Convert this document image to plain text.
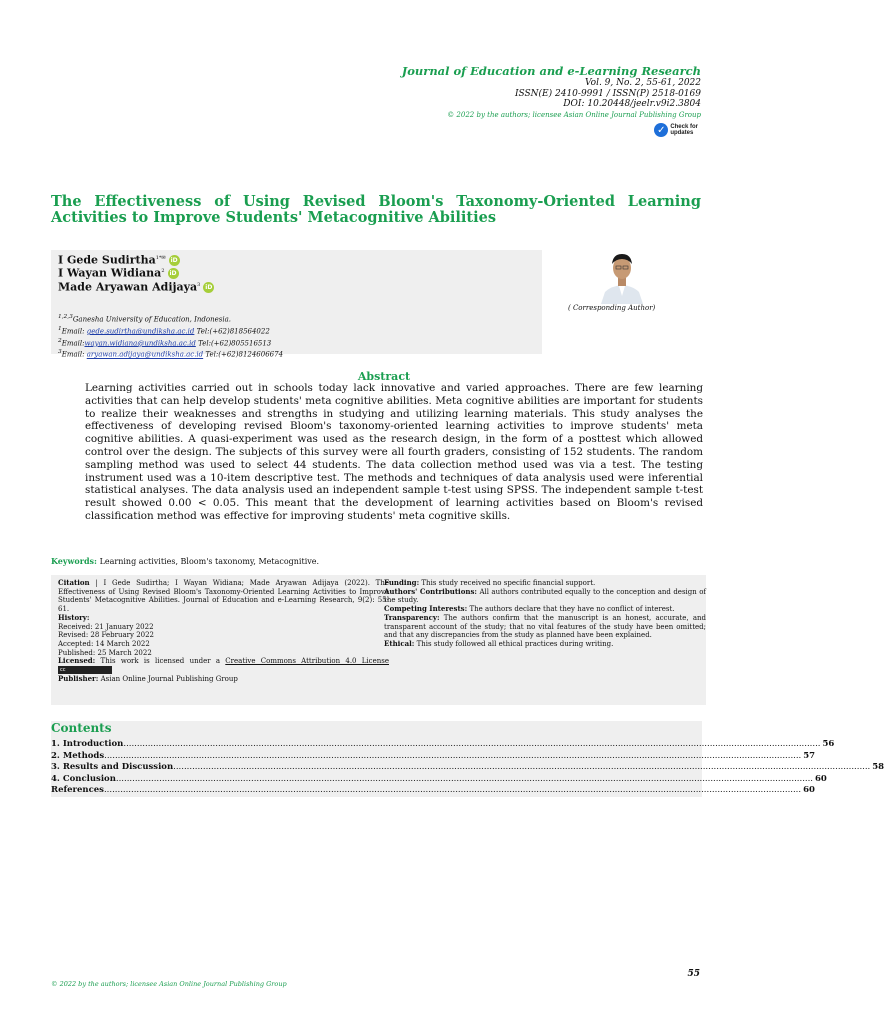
Journal of Education and e-Learning Research
Vol. 9, No. 2, 55-61, 2022
ISSN(E) 2410-9991 / ISSN(P) 2518-0169
DOI: 10.20448/jeelr.v9i2.3804
© 2022 by the authors; licensee Asian Online Journal Publishing Group
✓ Check for
updates
The Effectiveness of Using Revised Bloom's Taxonomy-Oriented Learning Activities to Improve Students' Metacognitive Abilities
I Gede Sudirtha$^{1*✉}$ iD
I Wayan Widiana$^2$ iD
Made Aryawan Adijaya$^3$ iD
$^{1,2,3}$Ganesha University of Education, Indonesia.
$^1$Email: gede.sudirtha@undiksha.ac.id Tel:(+62)818564022
$^2$Email:wayan.widiana@undiksha.ac.id Tel:(+62)805516513
$^3$Email: aryawan.adijaya@undiksha.ac.id Tel:(+62)8124606674
( Corresponding Author)
Abstract
Learning activities carried out in schools today lack innovative and varied approaches. There are few learning activities that can help develop students' meta cognitive abilities. Meta cognitive abilities are important for students to realize their weaknesses and strengths in studying and utilizing learning materials. This study analyses the effectiveness of developing revised Bloom's taxonomy-oriented learning activities to improve students' meta cognitive abilities. A quasi-experiment was used as the research design, in the form of a posttest which allowed control over the design. The subjects of this survey were all fourth graders, consisting of 152 students. The random sampling method was used to select 44 students. The data collection method used was via a test. The testing instrument used was a 10-item descriptive test. The methods and techniques of data analysis used were inferential statistical analyses. The data analysis used an independent sample t-test using SPSS. The independent sample t-test result showed 0.00 < 0.05. This meant that the development of learning activities based on Bloom's revised classification method was effective for improving students' meta cognitive skills.
Keywords: Learning activities, Bloom's taxonomy, Metacognitive.
Citation | I Gede Sudirtha; I Wayan Widiana; Made Aryawan Adijaya (2022). The Effectiveness of Using Revised Bloom's Taxonomy-Oriented Learning Activities to Improve Students' Metacognitive Abilities. Journal of Education and e-Learning Research, 9(2): 55-61.
History:
Received: 21 January 2022
Revised: 28 February 2022
Accepted: 14 March 2022
Published: 25 March 2022
Licensed: This work is licensed under a Creative Commons Attribution 4.0 License cc
Publisher: Asian Online Journal Publishing Group
Funding: This study received no specific financial support.
Authors' Contributions: All authors contributed equally to the conception and design of the study.
Competing Interests: The authors declare that they have no conflict of interest.
Transparency: The authors confirm that the manuscript is an honest, accurate, and transparent account of the study; that no vital features of the study have been omitted; and that any discrepancies from the study as planned have been explained.
Ethical: This study followed all ethical practices during writing.
Contents
1. Introduction .................................................................................................................................................................................................................................................................. 56
2. Methods .................................................................................................................................................................................................................................................................. 57
3. Results and Discussion .................................................................................................................................................................................................................................................................. 58
4. Conclusion .................................................................................................................................................................................................................................................................. 60
References .................................................................................................................................................................................................................................................................. 60
55
© 2022 by the authors; licensee Asian Online Journal Publishing Group
